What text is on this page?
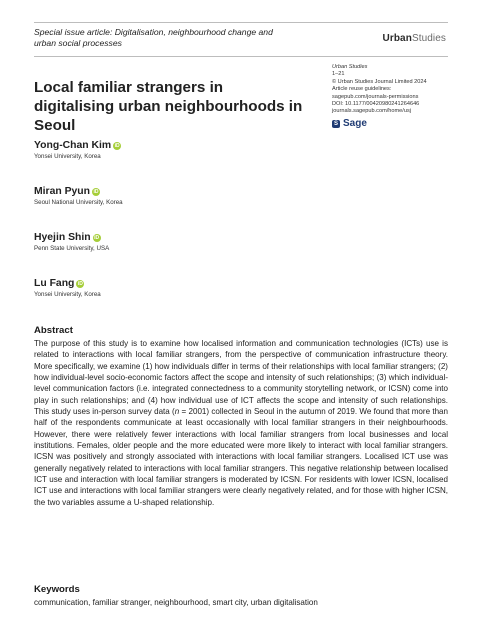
Special issue article: Digitalisation, neighbourhood change and urban social processes	UrbanStudies
Local familiar strangers in digitalising urban neighbourhoods in Seoul
Urban Studies
1–21
© Urban Studies Journal Limited 2024
Article reuse guidelines:
sagepub.com/journals-permissions
DOI: 10.1177/00420980241264646
journals.sagepub.com/home/usj
S Sage
Yong-Chan Kim iD
Yonsei University, Korea
Miran Pyun iD
Seoul National University, Korea
Hyejin Shin iD
Penn State University, USA
Lu Fang iD
Yonsei University, Korea
Abstract
The purpose of this study is to examine how localised information and communication technologies (ICTs) use is related to interactions with local familiar strangers, from the perspective of communication infrastructure theory. More specifically, we examine (1) how individuals differ in terms of their relationships with local familiar strangers; (2) how individual-level socio-economic factors affect the scope and intensity of such relationships; (3) which individual-level communication factors (i.e. integrated connectedness to a community storytelling network, or ICSN) come into play in such relationships; and (4) how individual use of ICT affects the scope and intensity of such relationships. This study uses in-person survey data (n = 2001) collected in Seoul in the autumn of 2019. We found that more than half of the respondents communicate at least occasionally with local familiar strangers in their neighbourhoods. However, there were relatively fewer interactions with local familiar strangers from local businesses and local institutions. Females, older people and the more educated were more likely to interact with local familiar strangers. ICSN was positively and strongly associated with interactions with local familiar strangers. Localised ICT use was generally negatively related to interactions with local familiar strangers. This negative relationship between localised ICT use and interaction with local familiar strangers is moderated by ICSN. For residents with lower ICSN, localised ICT use and interactions with local familiar strangers were clearly negatively related, and for those with higher ICSN, the two variables assume a U-shaped relationship.
Keywords
communication, familiar stranger, neighbourhood, smart city, urban digitalisation
